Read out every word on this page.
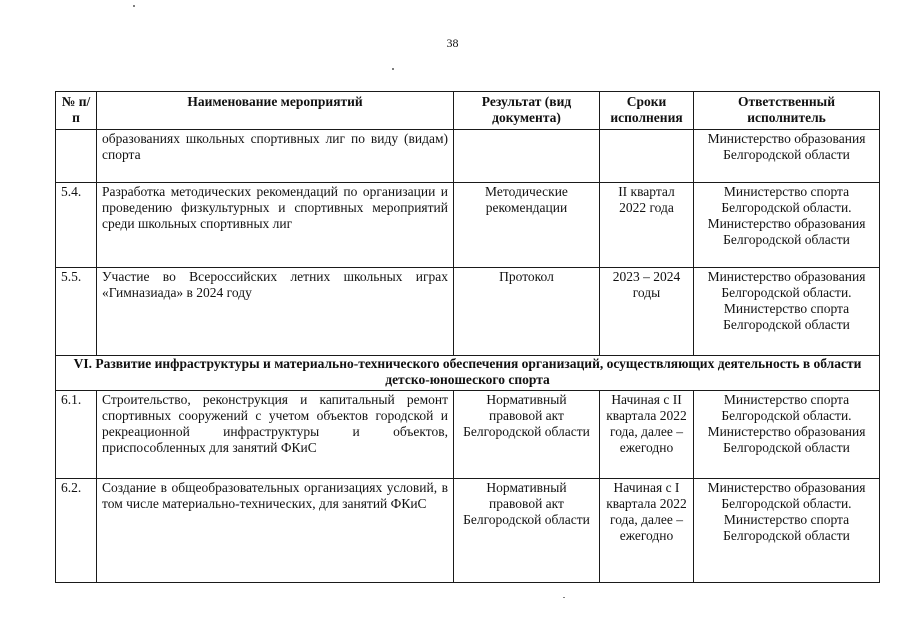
38
№ п/п	Наименование мероприятий	Результат (вид документа)	Сроки исполнения	Ответственный исполнитель
	образованиях школьных спортивных лиг по виду (видам) спорта			Министерство образования Белгородской области
5.4.	Разработка методических рекомендаций по организации и проведению физкультурных и спортивных мероприятий среди школьных спортивных лиг	Методические рекомендации	II квартал 2022 года	Министерство спорта Белгородской области. Министерство образования Белгородской области
5.5.	Участие во Всероссийских летних школьных играх «Гимназиада» в 2024 году	Протокол	2023 – 2024 годы	Министерство образования Белгородской области. Министерство спорта Белгородской области
VI. Развитие инфраструктуры и материально-технического обеспечения организаций, осуществляющих деятельность в области детско-юношеского спорта				
6.1.	Строительство, реконструкция и капитальный ремонт спортивных сооружений с учетом объектов городской и рекреационной инфраструктуры и объектов, приспособленных для занятий ФКиС	Нормативный правовой акт Белгородской области	Начиная с II квартала 2022 года, далее – ежегодно	Министерство спорта Белгородской области. Министерство образования Белгородской области
6.2.	Создание в общеобразовательных организациях условий, в том числе материально-технических, для занятий ФКиС	Нормативный правовой акт Белгородской области	Начиная с I квартала 2022 года, далее – ежегодно	Министерство образования Белгородской области. Министерство спорта Белгородской области
